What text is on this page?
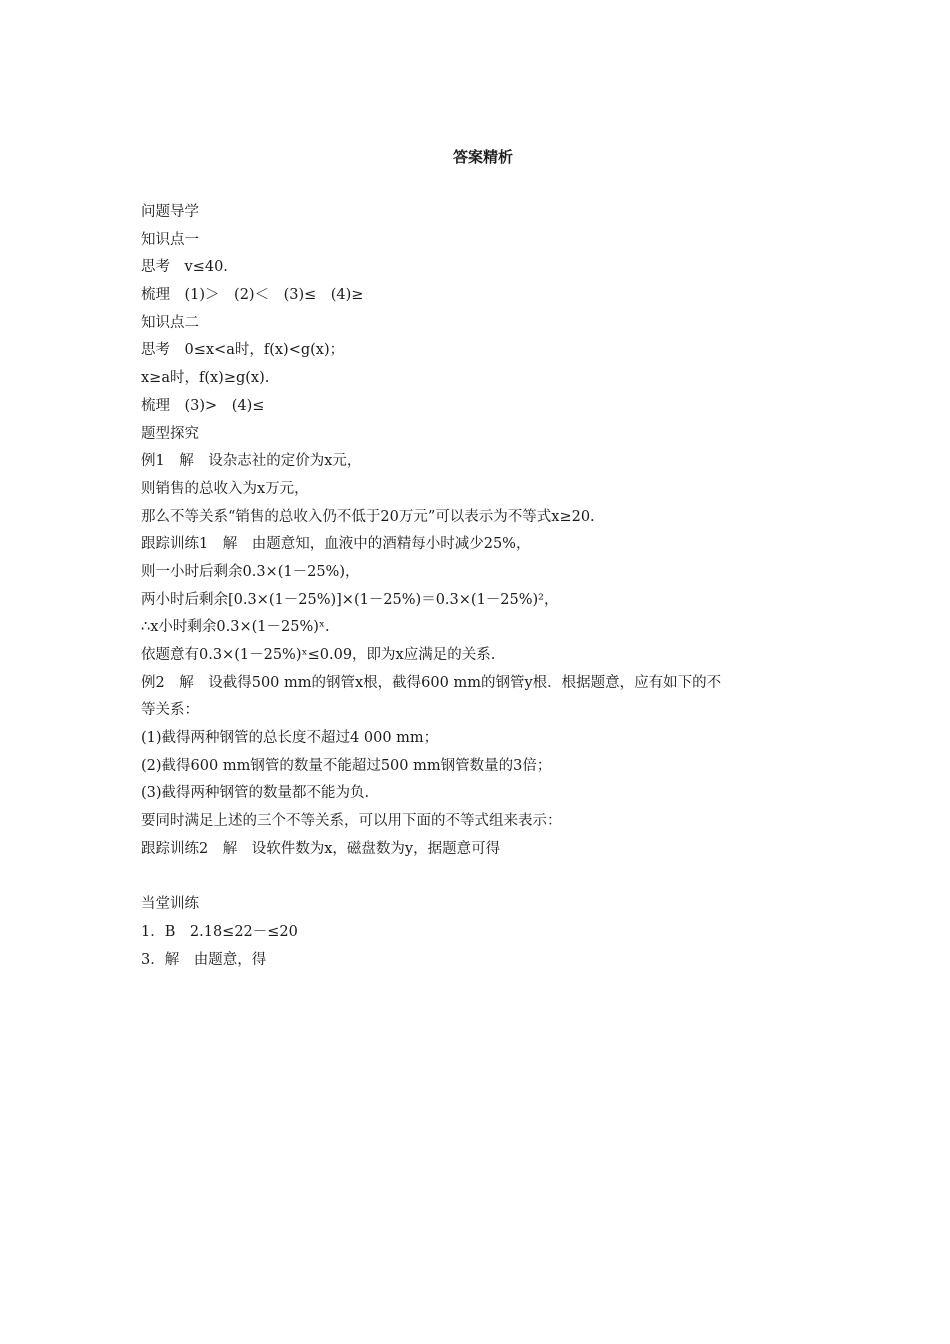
答案精析
问题导学
知识点一
思考　v≤40.
梳理　(1)＞　(2)＜　(3)≤　(4)≥
知识点二
思考　0≤x<a时，f(x)<g(x)；
x≥a时，f(x)≥g(x).
梳理　(3)>　(4)≤
题型探究
例1　解　设杂志社的定价为x元，
则销售的总收入为x万元，
那么不等关系“销售的总收入仍不低于20万元”可以表示为不等式x≥20.
跟踪训练1　解　由题意知，血液中的酒精每小时减少25%，
则一小时后剩余0.3×(1－25%)，
两小时后剩余[0.3×(1－25%)]×(1－25%)＝0.3×(1－25%)²，
∴x小时剩余0.3×(1－25%)ˣ.
依题意有0.3×(1－25%)ˣ≤0.09，即为x应满足的关系.
例2　解　设截得500 mm的钢管x根，截得600 mm的钢管y根．根据题意，应有如下的不
等关系：
(1)截得两种钢管的总长度不超过4 000 mm；
(2)截得600 mm钢管的数量不能超过500 mm钢管数量的3倍；
(3)截得两种钢管的数量都不能为负.
要同时满足上述的三个不等关系，可以用下面的不等式组来表示：
跟踪训练2　解　设软件数为x，磁盘数为y，据题意可得
当堂训练
1．B　2.18≤22－≤20
3．解　由题意，得
